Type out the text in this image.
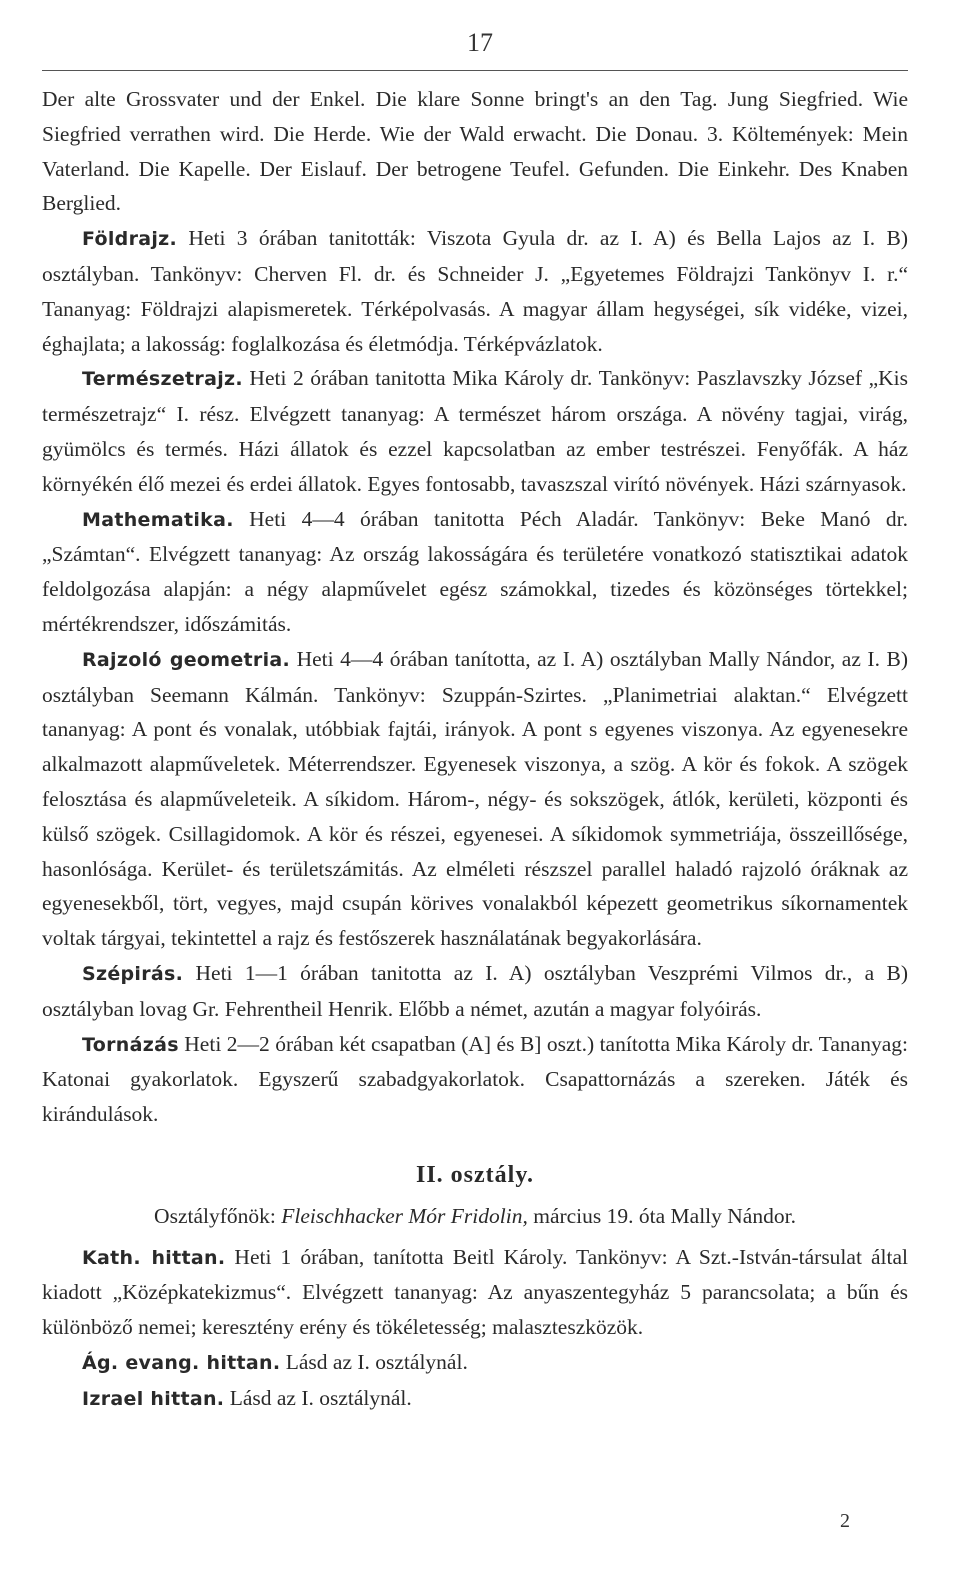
17

Der alte Grossvater und der Enkel. Die klare Sonne bringt's an den Tag. Jung Siegfried. Wie Siegfried verrathen wird. Die Herde. Wie der Wald erwacht. Die Donau. 3. Költemények: Mein Vaterland. Die Kapelle. Der Eislauf. Der betrogene Teufel. Gefunden. Die Einkehr. Des Knaben Berglied.

Földrajz. Heti 3 órában tanitották: Viszota Gyula dr. az I. A) és Bella Lajos az I. B) osztályban. Tankönyv: Cherven Fl. dr. és Schneider J. „Egyetemes Földrajzi Tankönyv I. r.“ Tananyag: Földrajzi alapismeretek. Térképolvasás. A magyar állam hegységei, sík vidéke, vizei, éghajlata; a lakosság: foglalkozása és életmódja. Térképvázlatok.

Természetrajz. Heti 2 órában tanitotta Mika Károly dr. Tankönyv: Paszlavszky József „Kis természetrajz“ I. rész. Elvégzett tananyag: A természet három országa. A növény tagjai, virág, gyümölcs és termés. Házi állatok és ezzel kapcsolatban az ember testrészei. Fenyőfák. A ház környékén élő mezei és erdei állatok. Egyes fontosabb, tavaszszal virító növények. Házi szárnyasok.

Mathematika. Heti 4—4 órában tanitotta Péch Aladár. Tankönyv: Beke Manó dr. „Számtan“. Elvégzett tananyag: Az ország lakosságára és területére vonatkozó statisztikai adatok feldolgozása alapján: a négy alapművelet egész számokkal, tizedes és közönséges törtekkel; mértékrendszer, időszámitás.

Rajzoló geometria. Heti 4—4 órában tanította, az I. A) osztályban Mally Nándor, az I. B) osztályban Seemann Kálmán. Tankönyv: Szuppán-Szirtes. „Planimetriai alaktan.“ Elvégzett tananyag: A pont és vonalak, utóbbiak fajtái, irányok. A pont s egyenes viszonya. Az egyenesekre alkalmazott alapműveletek. Méterrendszer. Egyenesek viszonya, a szög. A kör és fokok. A szögek felosztása és alapműveleteik. A síkidom. Három-, négy- és sokszögek, átlók, kerületi, központi és külső szögek. Csillagidomok. A kör és részei, egyenesei. A síkidomok symmetriája, összeillősége, hasonlósága. Kerület- és területszámitás. Az elméleti részszel parallel haladó rajzoló óráknak az egyenesekből, tört, vegyes, majd csupán körives vonalakból képezett geometrikus síkornamentek voltak tárgyai, tekintettel a rajz és festőszerek használatának begyakorlására.

Szépirás. Heti 1—1 órában tanitotta az I. A) osztályban Veszprémi Vilmos dr., a B) osztályban lovag Gr. Fehrentheil Henrik. Előbb a német, azután a magyar folyóirás.

Tornázás Heti 2—2 órában két csapatban (A] és B] oszt.) tanította Mika Károly dr. Tananyag: Katonai gyakorlatok. Egyszerű szabadgyakorlatok. Csapattornázás a szereken. Játék és kirándulások.

II. osztály.

Osztályfőnök: Fleischhacker Mór Fridolin, március 19. óta Mally Nándor.

Kath. hittan. Heti 1 órában, tanította Beitl Károly. Tankönyv: A Szt.-István-társulat által kiadott „Középkatekizmus“. Elvégzett tananyag: Az anyaszentegyház 5 parancsolata; a bűn és különböző nemei; keresztény erény és tökéletesség; malaszteszközök.

Ág. evang. hittan. Lásd az I. osztálynál.

Izrael hittan. Lásd az I. osztálynál.

2
